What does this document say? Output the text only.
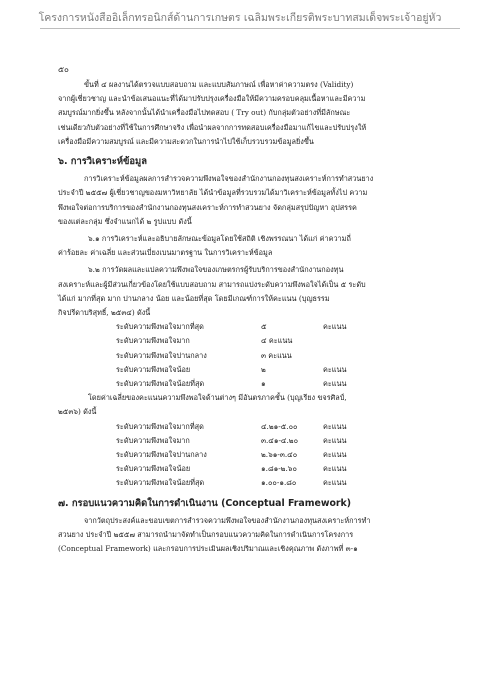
โครงการหนังสืออิเล็กทรอนิกส์ด้านการเกษตร เฉลิมพระเกียรติพระบาทสมเด็จพระเจ้าอยู่หัว
๕๐

ขั้นที่ ๔ ผลงานได้ตรวจแบบสอบถาม และแบบสัมภาษณ์ เพื่อหาค่าความตรง (Validity)

จากผู้เชี่ยวชาญ และนำข้อเสนอแนะที่ได้มาปรับปรุงเครื่องมือให้มีความครอบคลุมเนื้อหาและมีความ

สมบูรณ์มากยิ่งขึ้น หลังจากนั้นได้นำเครื่องมือไปทดสอบ ( Try out) กับกลุ่มตัวอย่างที่มีลักษณะ

เช่นเดียวกับตัวอย่างที่ใช้ในการศึกษาจริง เพื่อนำผลจากการทดสอบเครื่องมือมาแก้ไขและปรับปรุงให้

เครื่องมือมีความสมบูรณ์ และมีความสะดวกในการนำไปใช้เก็บรวบรวมข้อมูลยิ่งขึ้น

๖. การวิเคราะห์ข้อมูล

การวิเคราะห์ข้อมูลผลการสำรวจความพึงพอใจของสำนักงานกองทุนสงเคราะห์การทำสวนยาง

ประจำปี ๒๕๕๗ ผู้เชี่ยวชาญของมหาวิทยาลัย ได้นำข้อมูลที่รวบรวมได้มาวิเคราะห์ข้อมูลทั้งไป ความ

พึงพอใจต่อการบริการของสำนักงานกองทุนสงเคราะห์การทำสวนยาง จัดกลุ่มสรุปปัญหา อุปสรรค

ของแต่ละกลุ่ม ซึ่งจำแนกได้ ๒ รูปแบบ ดังนี้

๖.๑ การวิเคราะห์และอธิบายลักษณะข้อมูลโดยใช้สถิติ เชิงพรรณนา ได้แก่ ค่าความถี่

ค่าร้อยละ ค่าเฉลี่ย และส่วนเบี่ยงเบนมาตรฐาน ในการวิเคราะห์ข้อมูล

๖.๒ การวัดผลและแปลความพึงพอใจของเกษตรกรผู้รับบริการของสำนักงานกองทุน

สงเคราะห์และผู้มีส่วนเกี่ยวข้องโดยใช้แบบสอบถาม สามารถแบ่งระดับความพึงพอใจได้เป็น ๕ ระดับ

ได้แก่ มากที่สุด มาก ปานกลาง น้อย และน้อยที่สุด โดยมีเกณฑ์การให้คะแนน (บุญธรรม

กิจปรีดาบริสุทธิ์, ๒๕๓๔) ดังนี้

ระดับความพึงพอใจมากที่สุด	๕	คะแนน
ระดับความพึงพอใจมาก	๔ คะแนน	
ระดับความพึงพอใจปานกลาง	๓ คะแนน	
ระดับความพึงพอใจน้อย	๒	คะแนน
ระดับความพึงพอใจน้อยที่สุด	๑	คะแนน

โดยค่าเฉลี่ยของคะแนนความพึงพอใจด้านต่างๆ มีอันตรภาคชั้น (บุญเรียง ขจรศิลป์,

๒๕๓๖) ดังนี้

ระดับความพึงพอใจมากที่สุด	๔.๒๑-๕.๐๐	คะแนน
ระดับความพึงพอใจมาก	๓.๔๑-๔.๒๐	คะแนน
ระดับความพึงพอใจปานกลาง	๒.๖๑-๓.๔๐	คะแนน
ระดับความพึงพอใจน้อย	๑.๘๑-๒.๖๐	คะแนน
ระดับความพึงพอใจน้อยที่สุด	๑.๐๐-๑.๘๐	คะแนน

๗. กรอบแนวความคิดในการดำเนินงาน (Conceptual Framework)

จากวัตถุประสงค์และขอบเขตการสำรวจความพึงพอใจของสำนักงานกองทุนสงเคราะห์การทำ

สวนยาง ประจำปี ๒๕๕๗ สามารถนำมาจัดทำเป็นกรอบแนวความคิดในการดำเนินการโครงการ

(Conceptual Framework) และกรอบการประเมินผลเชิงปริมาณและเชิงคุณภาพ ดังภาพที่ ๓-๑
